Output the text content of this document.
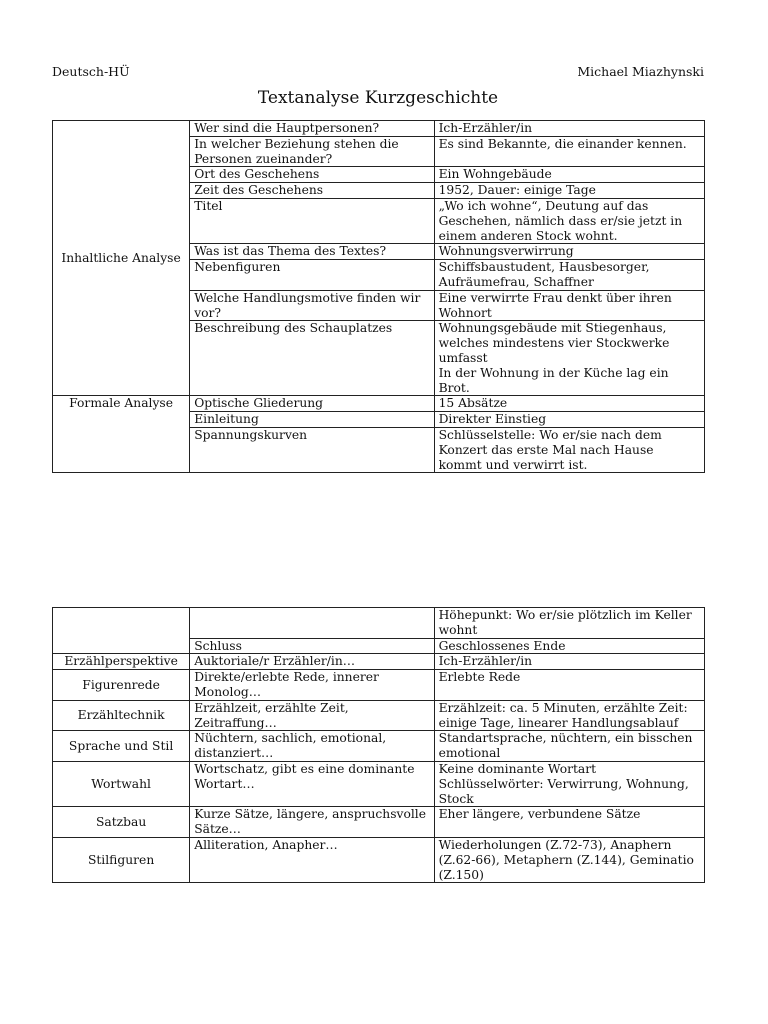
Deutsch-HÜ	Michael Miazhynski
Textanalyse Kurzgeschichte
Inhaltliche Analyse	Wer sind die Hauptpersonen?	Ich-Erzähler/in
	In welcher Beziehung stehen die Personen zueinander?	Es sind Bekannte, die einander kennen.
	Ort des Geschehens	Ein Wohngebäude
	Zeit des Geschehens	1952, Dauer: einige Tage
	Titel	„Wo ich wohne“, Deutung auf das Geschehen, nämlich dass er/sie jetzt in einem anderen Stock wohnt.
	Was ist das Thema des Textes?	Wohnungsverwirrung
	Nebenfiguren	Schiffsbaustudent, Hausbesorger, Aufräumefrau, Schaffner
	Welche Handlungsmotive finden wir vor?	Eine verwirrte Frau denkt über ihren Wohnort
	Beschreibung des Schauplatzes	Wohnungsgebäude mit Stiegenhaus, welches mindestens vier Stockwerke umfasst
In der Wohnung in der Küche lag ein Brot.

Formale Analyse	Optische Gliederung	15 Absätze
	Einleitung	Direkter Einstieg
	Spannungskurven	Schlüsselstelle: Wo er/sie nach dem Konzert das erste Mal nach Hause kommt und verwirrt ist.
		Höhepunkt: Wo er/sie plötzlich im Keller wohnt
	Schluss	Geschlossenes Ende
Erzählperspektive	Auktoriale/r Erzähler/in…	Ich-Erzähler/in
Figurenrede	Direkte/erlebte Rede, innerer Monolog…	Erlebte Rede
Erzähltechnik	Erzählzeit, erzählte Zeit, Zeitraffung…	Erzählzeit: ca. 5 Minuten, erzählte Zeit: einige Tage, linearer Handlungsablauf
Sprache und Stil	Nüchtern, sachlich, emotional, distanziert…	Standartsprache, nüchtern, ein bisschen emotional
Wortwahl	Wortschatz, gibt es eine dominante Wortart…	Keine dominante Wortart
Schlüsselwörter: Verwirrung, Wohnung, Stock

Satzbau	Kurze Sätze, längere, anspruchsvolle Sätze…	Eher längere, verbundene Sätze
Stilfiguren	Alliteration, Anapher…	Wiederholungen (Z.72-73), Anaphern (Z.62-66), Metaphern (Z.144), Geminatio (Z.150)
